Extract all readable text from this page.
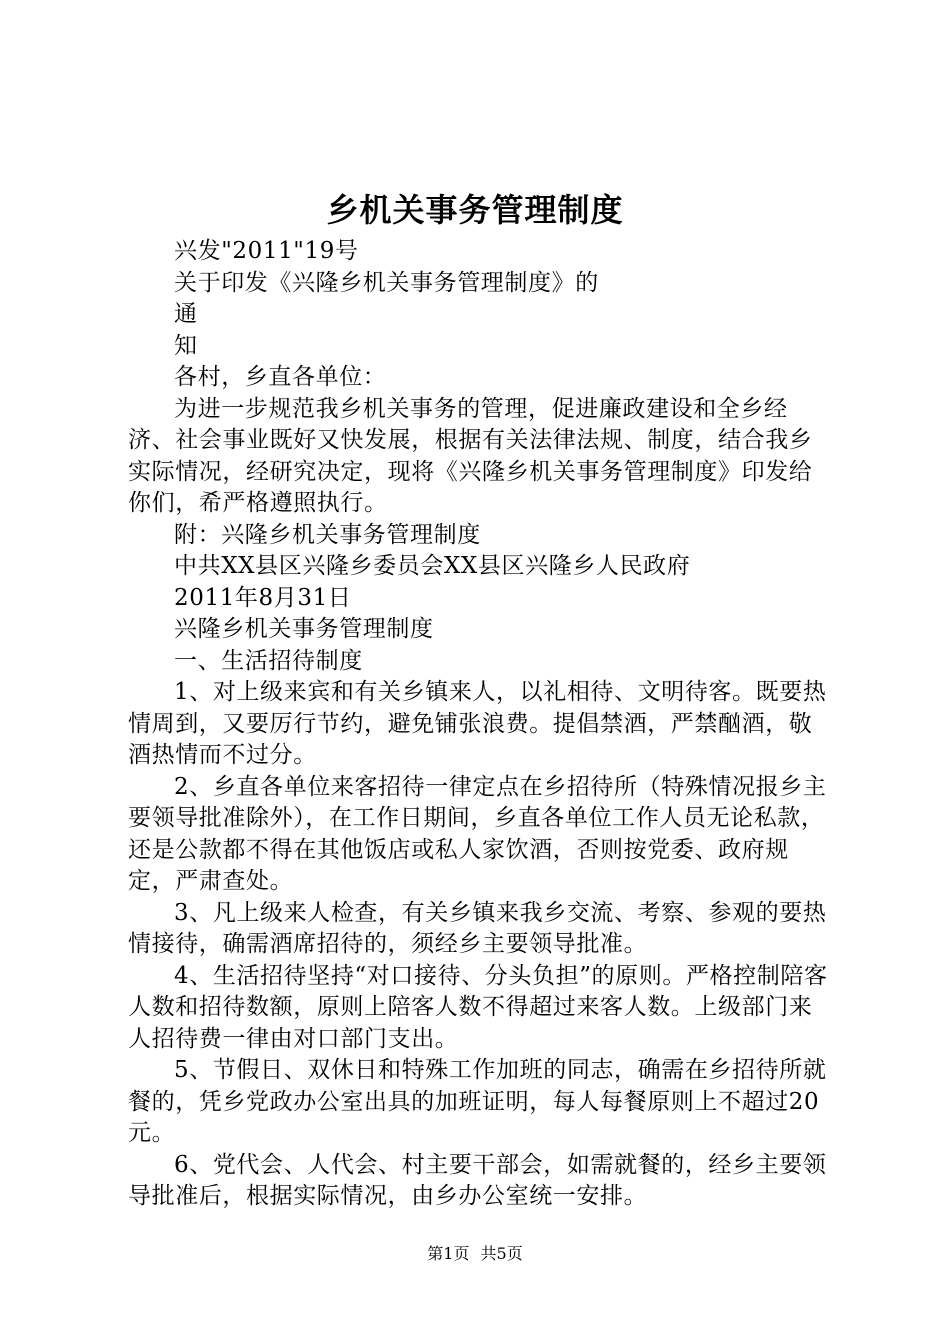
乡机关事务管理制度

兴发"2011"19号

关于印发《兴隆乡机关事务管理制度》的

通

知

各村，乡直各单位：

为进一步规范我乡机关事务的管理，促进廉政建设和全乡经济、社会事业既好又快发展，根据有关法律法规、制度，结合我乡实际情况，经研究决定，现将《兴隆乡机关事务管理制度》印发给你们，希严格遵照执行。

附：兴隆乡机关事务管理制度

中共XX县区兴隆乡委员会XX县区兴隆乡人民政府

2011年8月31日

兴隆乡机关事务管理制度

一、生活招待制度

1、对上级来宾和有关乡镇来人，以礼相待、文明待客。既要热情周到，又要厉行节约，避免铺张浪费。提倡禁酒，严禁酗酒，敬酒热情而不过分。

2、乡直各单位来客招待一律定点在乡招待所（特殊情况报乡主要领导批准除外），在工作日期间，乡直各单位工作人员无论私款，还是公款都不得在其他饭店或私人家饮酒，否则按党委、政府规定，严肃查处。

3、凡上级来人检查，有关乡镇来我乡交流、考察、参观的要热情接待，确需酒席招待的，须经乡主要领导批准。

4、生活招待坚持“对口接待、分头负担”的原则。严格控制陪客人数和招待数额，原则上陪客人数不得超过来客人数。上级部门来人招待费一律由对口部门支出。

5、节假日、双休日和特殊工作加班的同志，确需在乡招待所就餐的，凭乡党政办公室出具的加班证明，每人每餐原则上不超过20元。

6、党代会、人代会、村主要干部会，如需就餐的，经乡主要领导批准后，根据实际情况，由乡办公室统一安排。

第1页 共5页
